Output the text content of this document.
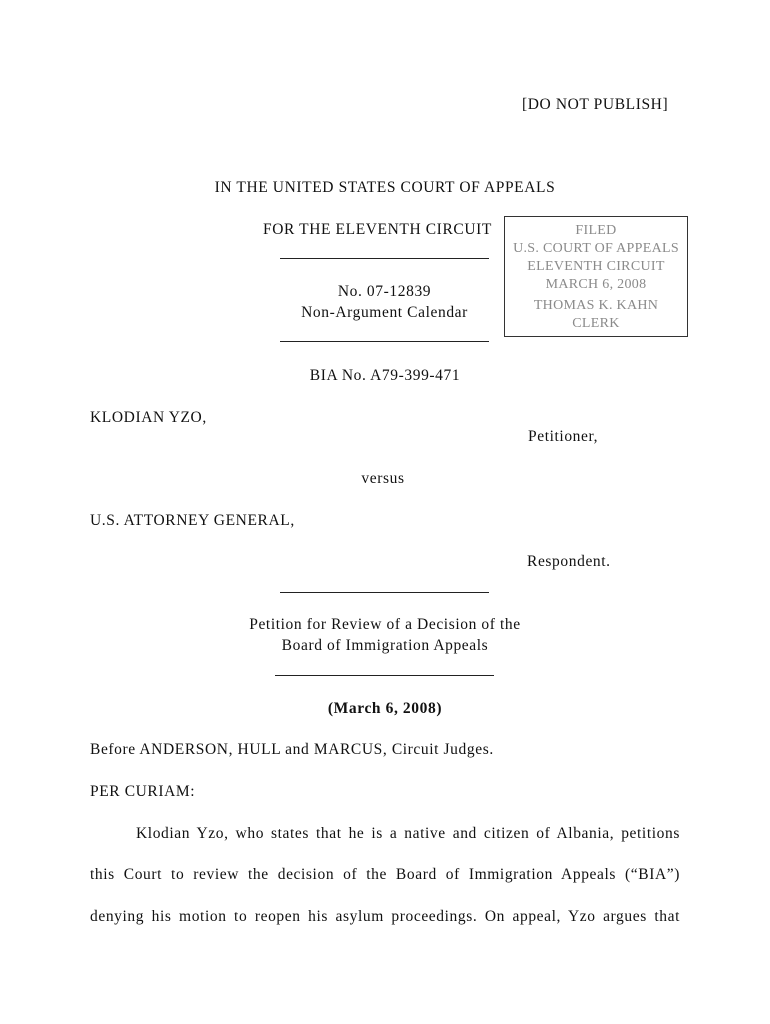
[DO NOT PUBLISH]
IN THE UNITED STATES COURT OF APPEALS
FOR THE ELEVENTH CIRCUIT
No. 07-12839
Non-Argument Calendar
FILED
U.S. COURT OF APPEALS
ELEVENTH CIRCUIT
MARCH 6, 2008
THOMAS K. KAHN
CLERK
BIA No. A79-399-471
KLODIAN YZO,
Petitioner,
versus
U.S. ATTORNEY GENERAL,
Respondent.
Petition for Review of a Decision of the
Board of Immigration Appeals
(March 6, 2008)
Before ANDERSON, HULL and MARCUS, Circuit Judges.
PER CURIAM:
Klodian Yzo, who states that he is a native and citizen of Albania, petitions
this Court to review the decision of the Board of Immigration Appeals (“BIA”)
denying his motion to reopen his asylum proceedings. On appeal, Yzo argues that
